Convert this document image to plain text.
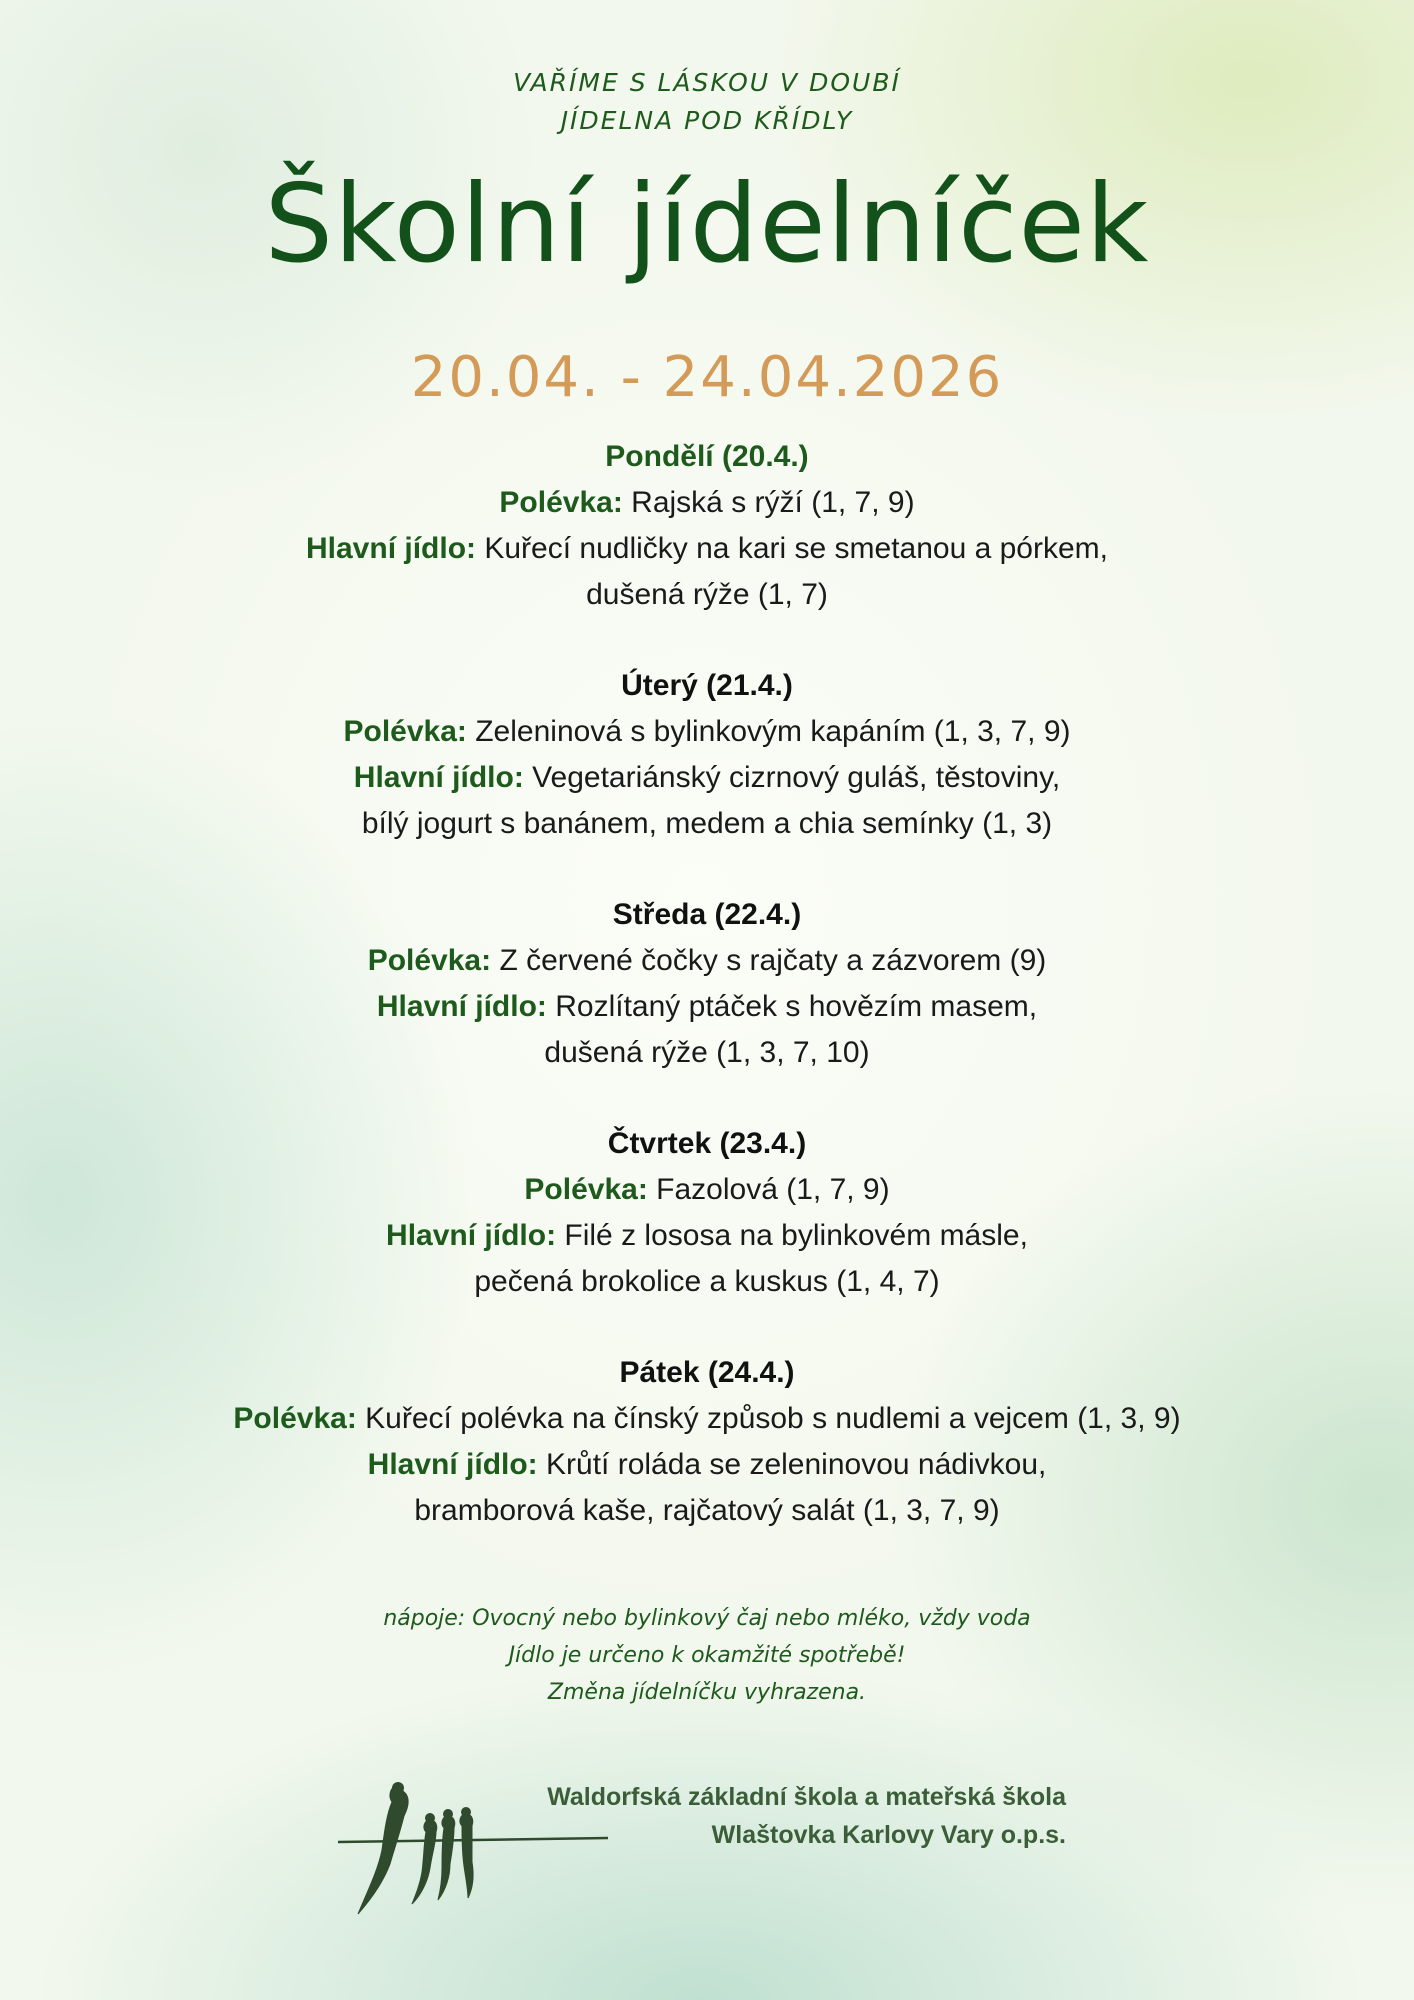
VAŘÍME S LÁSKOU V DOUBÍ
JÍDELNA POD KŘÍDLY
Školní jídelníček
20.04. - 24.04.2026
Pondělí (20.4.)
Polévka: Rajská s rýží (1, 7, 9)
Hlavní jídlo: Kuřecí nudličky na kari se smetanou a pórkem,
dušená rýže (1, 7)
Úterý (21.4.)
Polévka: Zeleninová s bylinkovým kapáním (1, 3, 7, 9)
Hlavní jídlo: Vegetariánský cizrnový guláš, těstoviny,
bílý jogurt s banánem, medem a chia semínky (1, 3)
Středa (22.4.)
Polévka: Z červené čočky s rajčaty a zázvorem (9)
Hlavní jídlo: Rozlítaný ptáček s hovězím masem,
dušená rýže (1, 3, 7, 10)
Čtvrtek (23.4.)
Polévka: Fazolová (1, 7, 9)
Hlavní jídlo: Filé z lososa na bylinkovém másle,
pečená brokolice a kuskus (1, 4, 7)
Pátek (24.4.)
Polévka: Kuřecí polévka na čínský způsob s nudlemi a vejcem (1, 3, 9)
Hlavní jídlo: Krůtí roláda se zeleninovou nádivkou,
bramborová kaše, rajčatový salát (1, 3, 7, 9)
nápoje: Ovocný nebo bylinkový čaj nebo mléko, vždy voda
Jídlo je určeno k okamžité spotřebě!
Změna jídelníčku vyhrazena.
Waldorfská základní škola a mateřská škola
Wlaštovka Karlovy Vary o.p.s.
